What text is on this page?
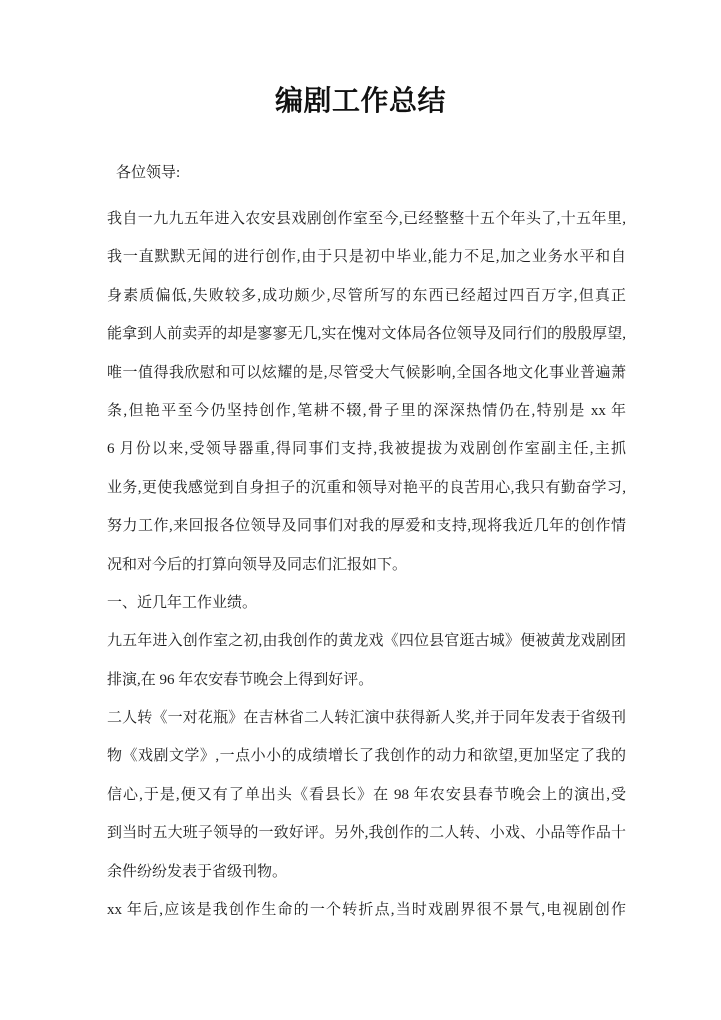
编剧工作总结
各位领导:
我自一九九五年进入农安县戏剧创作室至今,已经整整十五个年头了,十五年里,
我一直默默无闻的进行创作,由于只是初中毕业,能力不足,加之业务水平和自
身素质偏低,失败较多,成功颇少,尽管所写的东西已经超过四百万字,但真正
能拿到人前卖弄的却是寥寥无几,实在愧对文体局各位领导及同行们的殷殷厚望,
唯一值得我欣慰和可以炫耀的是,尽管受大气候影响,全国各地文化事业普遍萧
条,但艳平至今仍坚持创作,笔耕不辍,骨子里的深深热情仍在,特别是 xx 年
6 月份以来,受领导器重,得同事们支持,我被提拔为戏剧创作室副主任,主抓
业务,更使我感觉到自身担子的沉重和领导对艳平的良苦用心,我只有勤奋学习,
努力工作,来回报各位领导及同事们对我的厚爱和支持,现将我近几年的创作情
况和对今后的打算向领导及同志们汇报如下。
一、近几年工作业绩。
九五年进入创作室之初,由我创作的黄龙戏《四位县官逛古城》便被黄龙戏剧团
排演,在 96 年农安春节晚会上得到好评。
二人转《一对花瓶》在吉林省二人转汇演中获得新人奖,并于同年发表于省级刊
物《戏剧文学》,一点小小的成绩增长了我创作的动力和欲望,更加坚定了我的
信心,于是,便又有了单出头《看县长》在 98 年农安县春节晚会上的演出,受
到当时五大班子领导的一致好评。另外,我创作的二人转、小戏、小品等作品十
余件纷纷发表于省级刊物。
xx 年后,应该是我创作生命的一个转折点,当时戏剧界很不景气,电视剧创作
